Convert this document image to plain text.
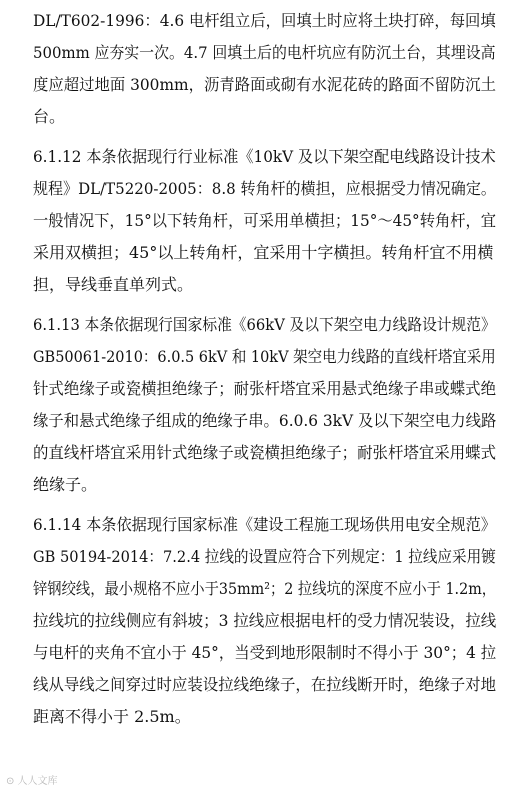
DL/T602-1996：4.6 电杆组立后，回填土时应将土块打碎，每回填
500mm 应夯实一次。4.7 回填土后的电杆坑应有防沉土台，其埋设高
度应超过地面 300mm，沥青路面或砌有水泥花砖的路面不留防沉土
台。
6.1.12 本条依据现行行业标准《10kV 及以下架空配电线路设计技术
规程》DL/T5220-2005：8.8 转角杆的横担，应根据受力情况确定。
一般情况下，15°以下转角杆，可采用单横担；15°～45°转角杆，宜
采用双横担；45°以上转角杆，宜采用十字横担。转角杆宜不用横
担，导线垂直单列式。
6.1.13 本条依据现行国家标准《66kV 及以下架空电力线路设计规范》
GB50061-2010：6.0.5 6kV 和 10kV 架空电力线路的直线杆塔宜采用
针式绝缘子或瓷横担绝缘子；耐张杆塔宜采用悬式绝缘子串或蝶式绝
缘子和悬式绝缘子组成的绝缘子串。6.0.6 3kV 及以下架空电力线路
的直线杆塔宜采用针式绝缘子或瓷横担绝缘子；耐张杆塔宜采用蝶式
绝缘子。
6.1.14 本条依据现行国家标准《建设工程施工现场供用电安全规范》
GB 50194-2014：7.2.4 拉线的设置应符合下列规定：1 拉线应采用镀
锌钢绞线，最小规格不应小于35mm²；2 拉线坑的深度不应小于 1.2m，
拉线坑的拉线侧应有斜坡；3 拉线应根据电杆的受力情况装设，拉线
与电杆的夹角不宜小于 45°，当受到地形限制时不得小于 30°；4 拉
线从导线之间穿过时应装设拉线绝缘子，在拉线断开时，绝缘子对地
距离不得小于 2.5m。
⊙ 人人文库
